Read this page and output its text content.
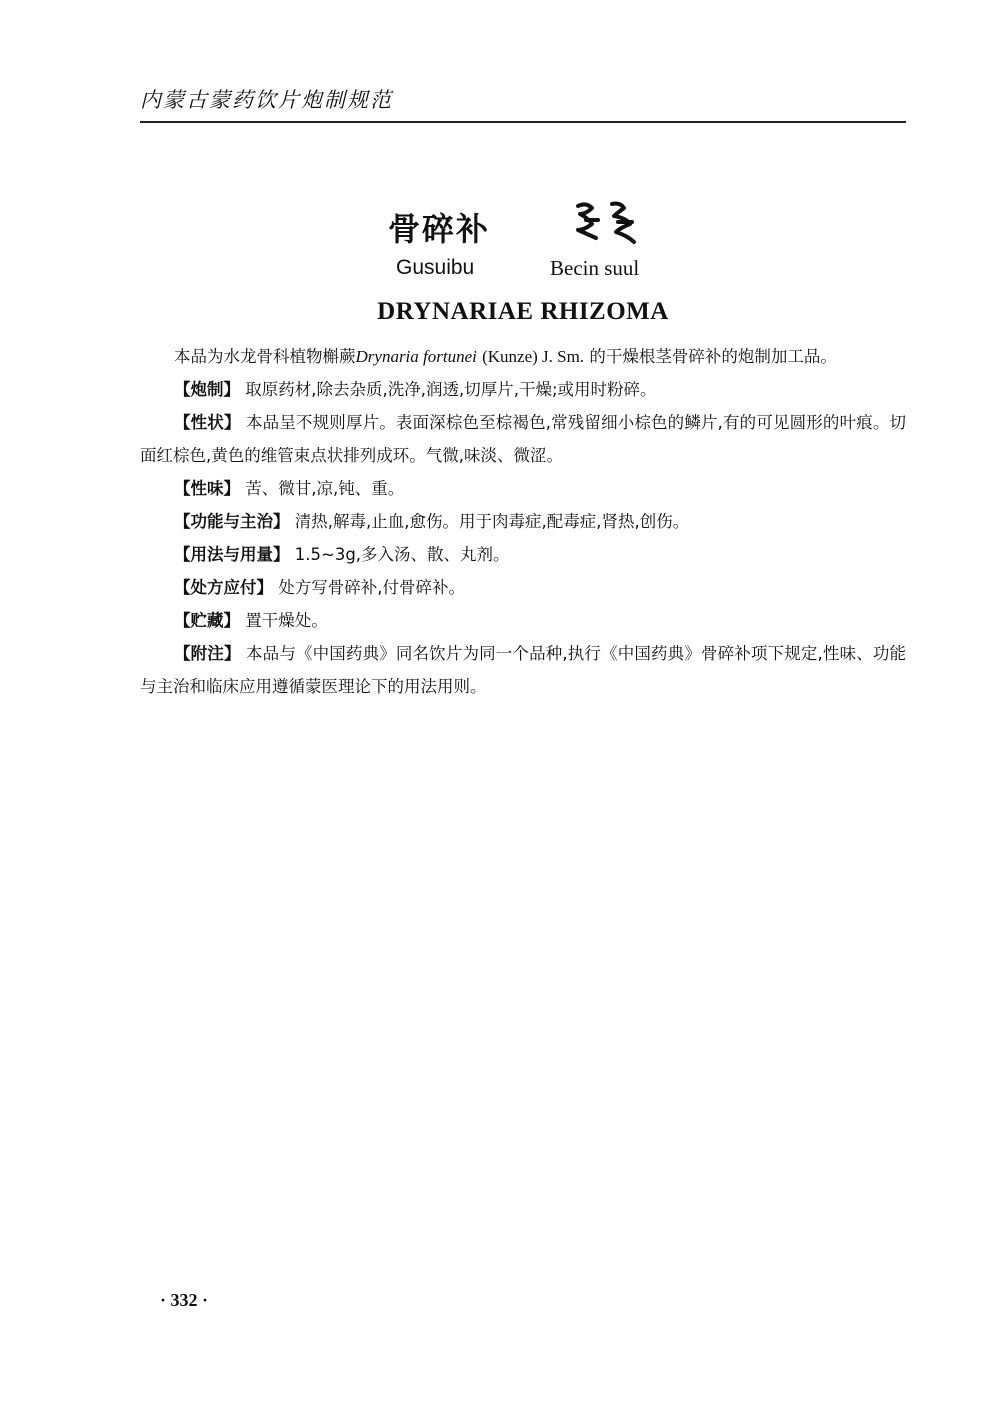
内蒙古蒙药饮片炮制规范
骨碎补
Gusuibu	Becin suul
DRYNARIAE RHIZOMA

本品为水龙骨科植物槲蕨Drynaria fortunei (Kunze) J. Sm. 的干燥根茎骨碎补的炮制加工品。

【 炮制 】 取原药材,除去杂质,洗净,润透,切厚片,干燥;或用时粉碎。

【 性状 】 本品呈不规则厚片。表面深棕色至棕褐色,常残留细小棕色的鳞片,有的可见圆形的叶痕。切面红棕色,黄色的维管束点状排列成环。气微,味淡、微涩。

【 性味 】 苦、微甘,凉,钝、重。

【 功能与主治 】 清热,解毒,止血,愈伤。用于肉毒症,配毒症,肾热,创伤。

【 用法与用量 】 1.5~3g,多入汤、散、丸剂。

【 处方应付 】 处方写骨碎补,付骨碎补。

【 贮藏 】 置干燥处。

【 附注 】 本品与《中国药典》同名饮片为同一个品种,执行《中国药典》骨碎补项下规定,性味、功能与主治和临床应用遵循蒙医理论下的用法用则。

· 332 ·
